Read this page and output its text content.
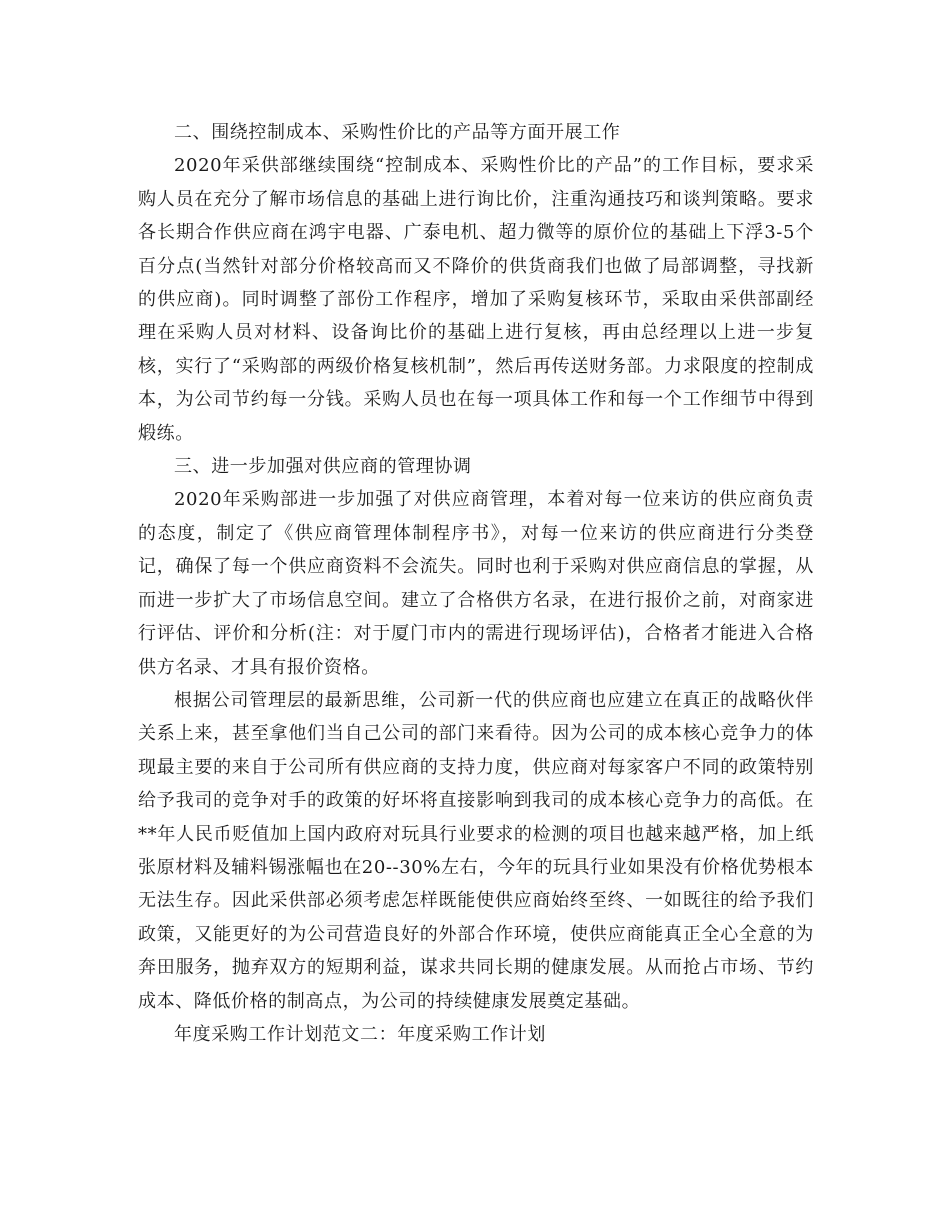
二、围绕控制成本、采购性价比的产品等方面开展工作

2020年采供部继续围绕“控制成本、采购性价比的产品”的工作目标，要求采购人员在充分了解市场信息的基础上进行询比价，注重沟通技巧和谈判策略。要求各长期合作供应商在鸿宇电器、广泰电机、超力微等的原价位的基础上下浮3-5个百分点(当然针对部分价格较高而又不降价的供货商我们也做了局部调整，寻找新的供应商)。同时调整了部份工作程序，增加了采购复核环节，采取由采供部副经理在采购人员对材料、设备询比价的基础上进行复核，再由总经理以上进一步复核，实行了“采购部的两级价格复核机制”，然后再传送财务部。力求限度的控制成本，为公司节约每一分钱。采购人员也在每一项具体工作和每一个工作细节中得到煅练。

三、进一步加强对供应商的管理协调

2020年采购部进一步加强了对供应商管理，本着对每一位来访的供应商负责的态度，制定了《供应商管理体制程序书》，对每一位来访的供应商进行分类登记，确保了每一个供应商资料不会流失。同时也利于采购对供应商信息的掌握，从而进一步扩大了市场信息空间。建立了合格供方名录，在进行报价之前，对商家进行评估、评价和分析(注：对于厦门市内的需进行现场评估)，合格者才能进入合格供方名录、才具有报价资格。

根据公司管理层的最新思维，公司新一代的供应商也应建立在真正的战略伙伴关系上来，甚至拿他们当自己公司的部门来看待。因为公司的成本核心竞争力的体现最主要的来自于公司所有供应商的支持力度，供应商对每家客户不同的政策特别给予我司的竞争对手的政策的好坏将直接影响到我司的成本核心竞争力的高低。在**年人民币贬值加上国内政府对玩具行业要求的检测的项目也越来越严格，加上纸张原材料及辅料锡涨幅也在20--30%左右，今年的玩具行业如果没有价格优势根本无法生存。因此采供部必须考虑怎样既能使供应商始终至终、一如既往的给予我们政策，又能更好的为公司营造良好的外部合作环境，使供应商能真正全心全意的为奔田服务，抛弃双方的短期利益，谋求共同长期的健康发展。从而抢占市场、节约成本、降低价格的制高点，为公司的持续健康发展奠定基础。

年度采购工作计划范文二：年度采购工作计划
